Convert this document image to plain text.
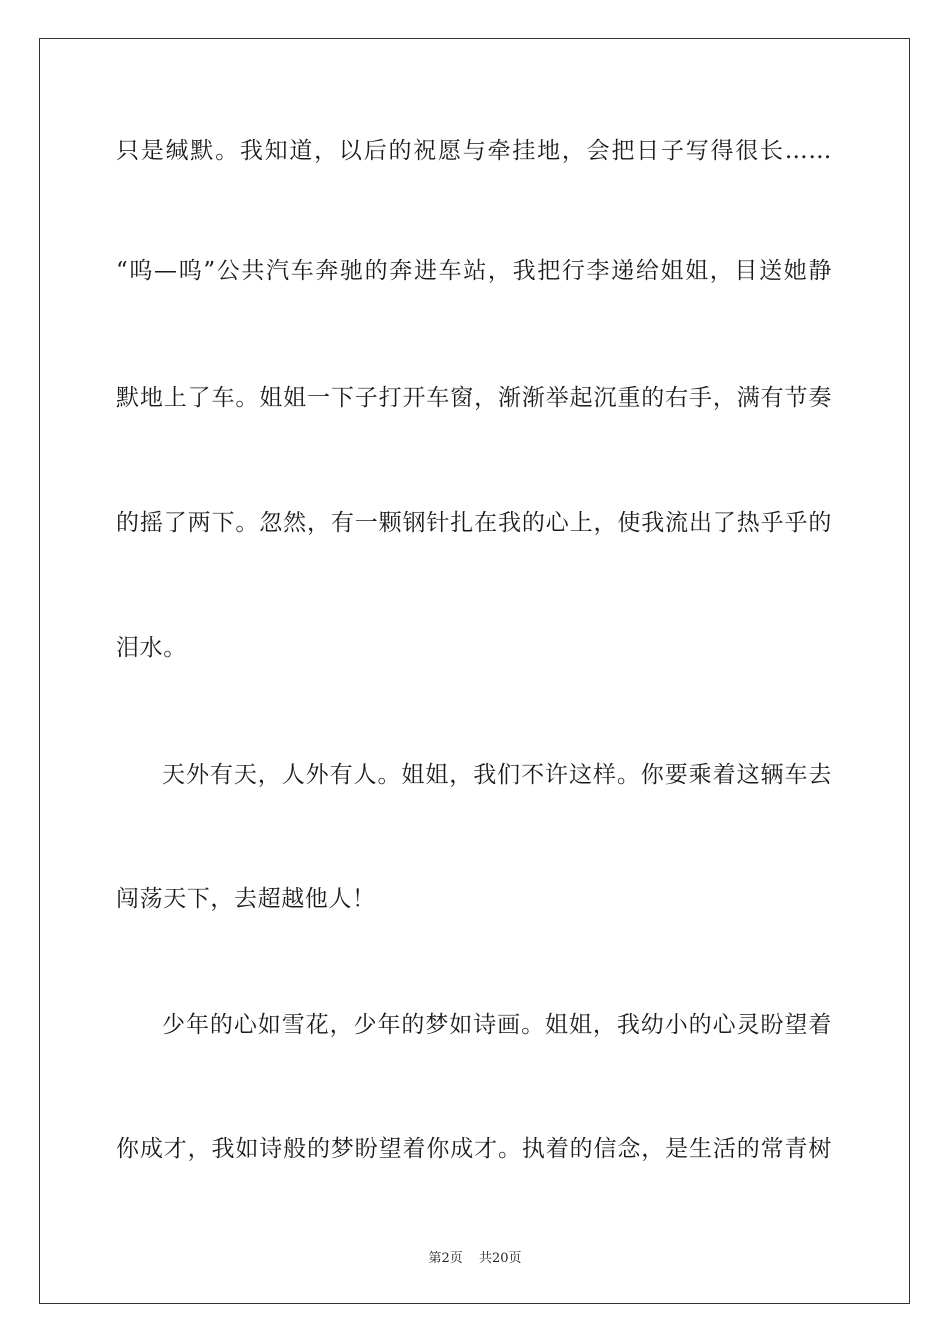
只是缄默。我知道，以后的祝愿与牵挂地，会把日子写得很长……
“呜—呜”公共汽车奔驰的奔进车站，我把行李递给姐姐，目送她静
默地上了车。姐姐一下子打开车窗，渐渐举起沉重的右手，满有节奏
的摇了两下。忽然，有一颗钢针扎在我的心上，使我流出了热乎乎的
泪水。
天外有天，人外有人。姐姐，我们不许这样。你要乘着这辆车去
闯荡天下，去超越他人！
少年的心如雪花，少年的梦如诗画。姐姐，我幼小的心灵盼望着
你成才，我如诗般的梦盼望着你成才。执着的信念，是生活的常青树
第2页 共20页
